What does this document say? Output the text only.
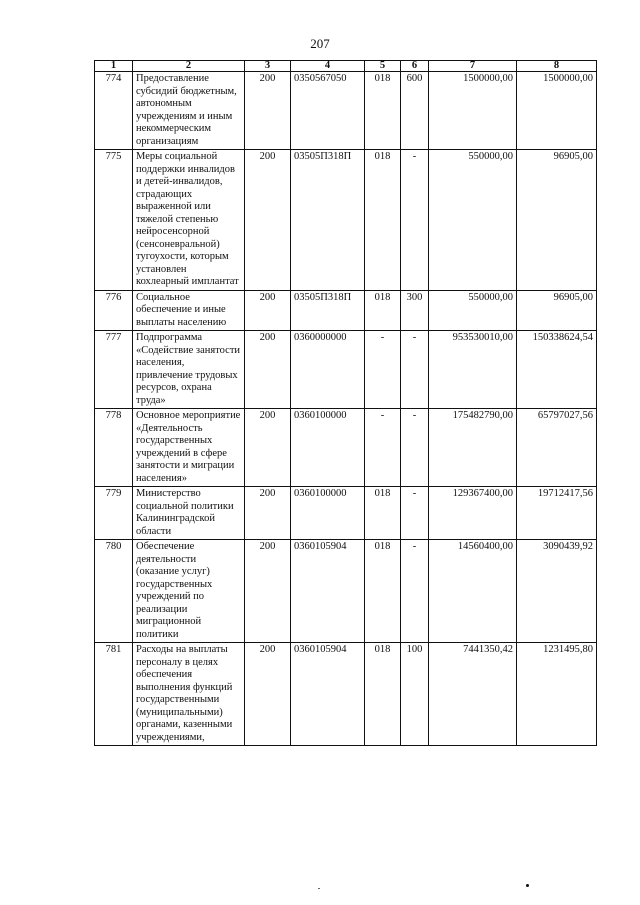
207
1	2	3	4	5	6	7	8
774	Предоставление субсидий бюджетным, автономным учреждениям и иным некоммерческим организациям	200	0350567050	018	600	1500000,00	1500000,00
775	Меры социальной поддержки инвалидов и детей-инвалидов, страдающих выраженной или тяжелой степенью нейросенсорной (сенсоневральной) тугоухости, которым установлен кохлеарный имплантат	200	03505П318П	018	-	550000,00	96905,00
776	Социальное обеспечение и иные выплаты населению	200	03505П318П	018	300	550000,00	96905,00
777	Подпрограмма «Содействие занятости населения, привлечение трудовых ресурсов, охрана труда»	200	0360000000	-	-	953530010,00	150338624,54
778	Основное мероприятие «Деятельность государственных учреждений в сфере занятости и миграции населения»	200	0360100000	-	-	175482790,00	65797027,56
779	Министерство социальной политики Калининградской области	200	0360100000	018	-	129367400,00	19712417,56
780	Обеспечение деятельности (оказание услуг) государственных учреждений по реализации миграционной политики	200	0360105904	018	-	14560400,00	3090439,92
781	Расходы на выплаты персоналу в целях обеспечения выполнения функций государственными (муниципальными) органами, казенными учреждениями,	200	0360105904	018	100	7441350,42	1231495,80
